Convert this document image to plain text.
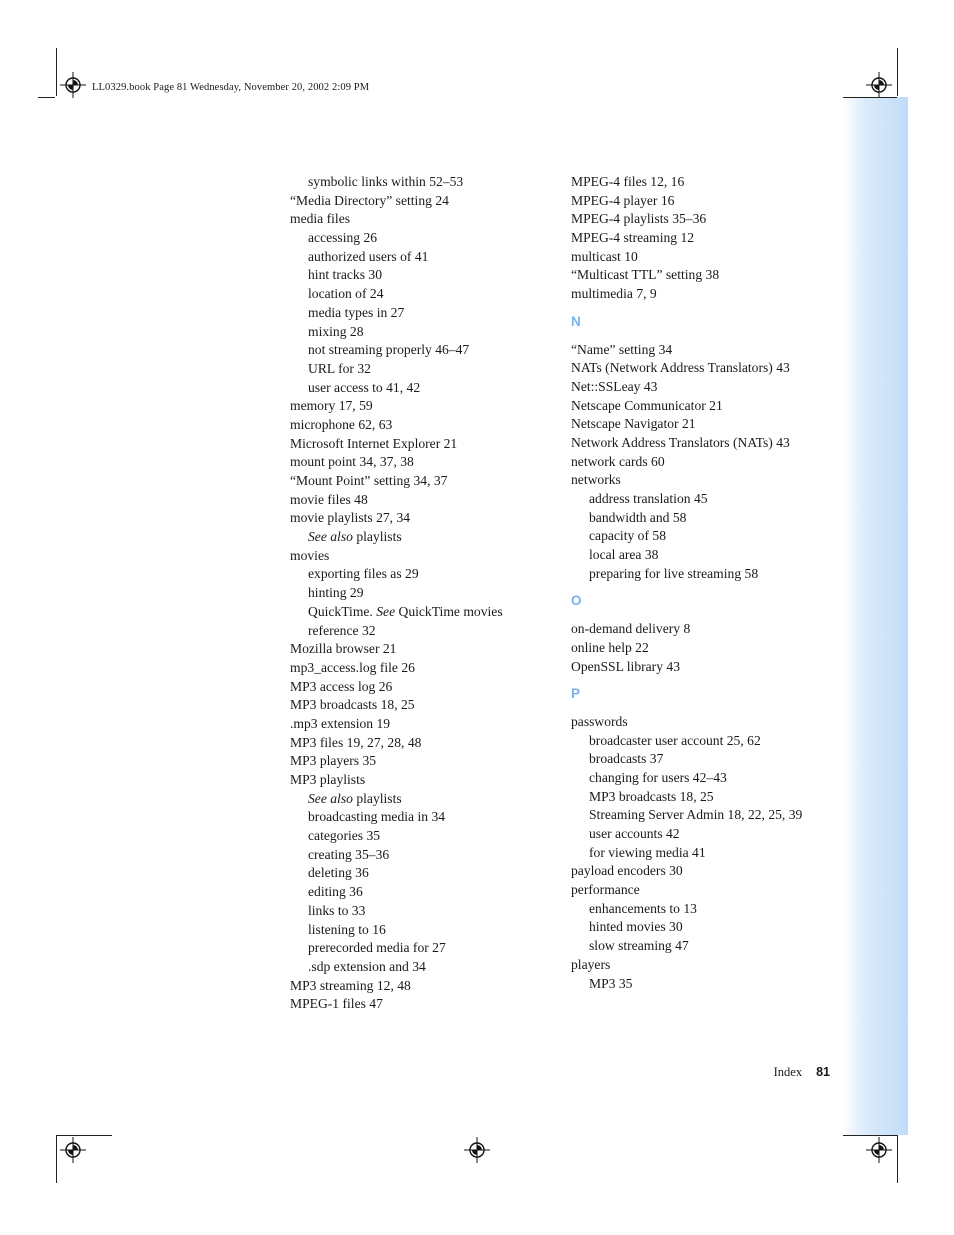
LL0329.book Page 81 Wednesday, November 20, 2002 2:09 PM
symbolic links within 52–53
“Media Directory” setting 24
media files
accessing 26
authorized users of 41
hint tracks 30
location of 24
media types in 27
mixing 28
not streaming properly 46–47
URL for 32
user access to 41, 42
memory 17, 59
microphone 62, 63
Microsoft Internet Explorer 21
mount point 34, 37, 38
“Mount Point” setting 34, 37
movie files 48
movie playlists 27, 34
See also playlists
movies
exporting files as 29
hinting 29
QuickTime. See QuickTime movies
reference 32
Mozilla browser 21
mp3_access.log file 26
MP3 access log 26
MP3 broadcasts 18, 25
.mp3 extension 19
MP3 files 19, 27, 28, 48
MP3 players 35
MP3 playlists
See also playlists
broadcasting media in 34
categories 35
creating 35–36
deleting 36
editing 36
links to 33
listening to 16
prerecorded media for 27
.sdp extension and 34
MP3 streaming 12, 48
MPEG-1 files 47
MPEG-4 files 12, 16
MPEG-4 player 16
MPEG-4 playlists 35–36
MPEG-4 streaming 12
multicast 10
“Multicast TTL” setting 38
multimedia 7, 9
N
“Name” setting 34
NATs (Network Address Translators) 43
Net::SSLeay 43
Netscape Communicator 21
Netscape Navigator 21
Network Address Translators (NATs) 43
network cards 60
networks
address translation 45
bandwidth and 58
capacity of 58
local area 38
preparing for live streaming 58
O
on-demand delivery 8
online help 22
OpenSSL library 43
P
passwords
broadcaster user account 25, 62
broadcasts 37
changing for users 42–43
MP3 broadcasts 18, 25
Streaming Server Admin 18, 22, 25, 39
user accounts 42
for viewing media 41
payload encoders 30
performance
enhancements to 13
hinted movies 30
slow streaming 47
players
MP3 35
Index 81
